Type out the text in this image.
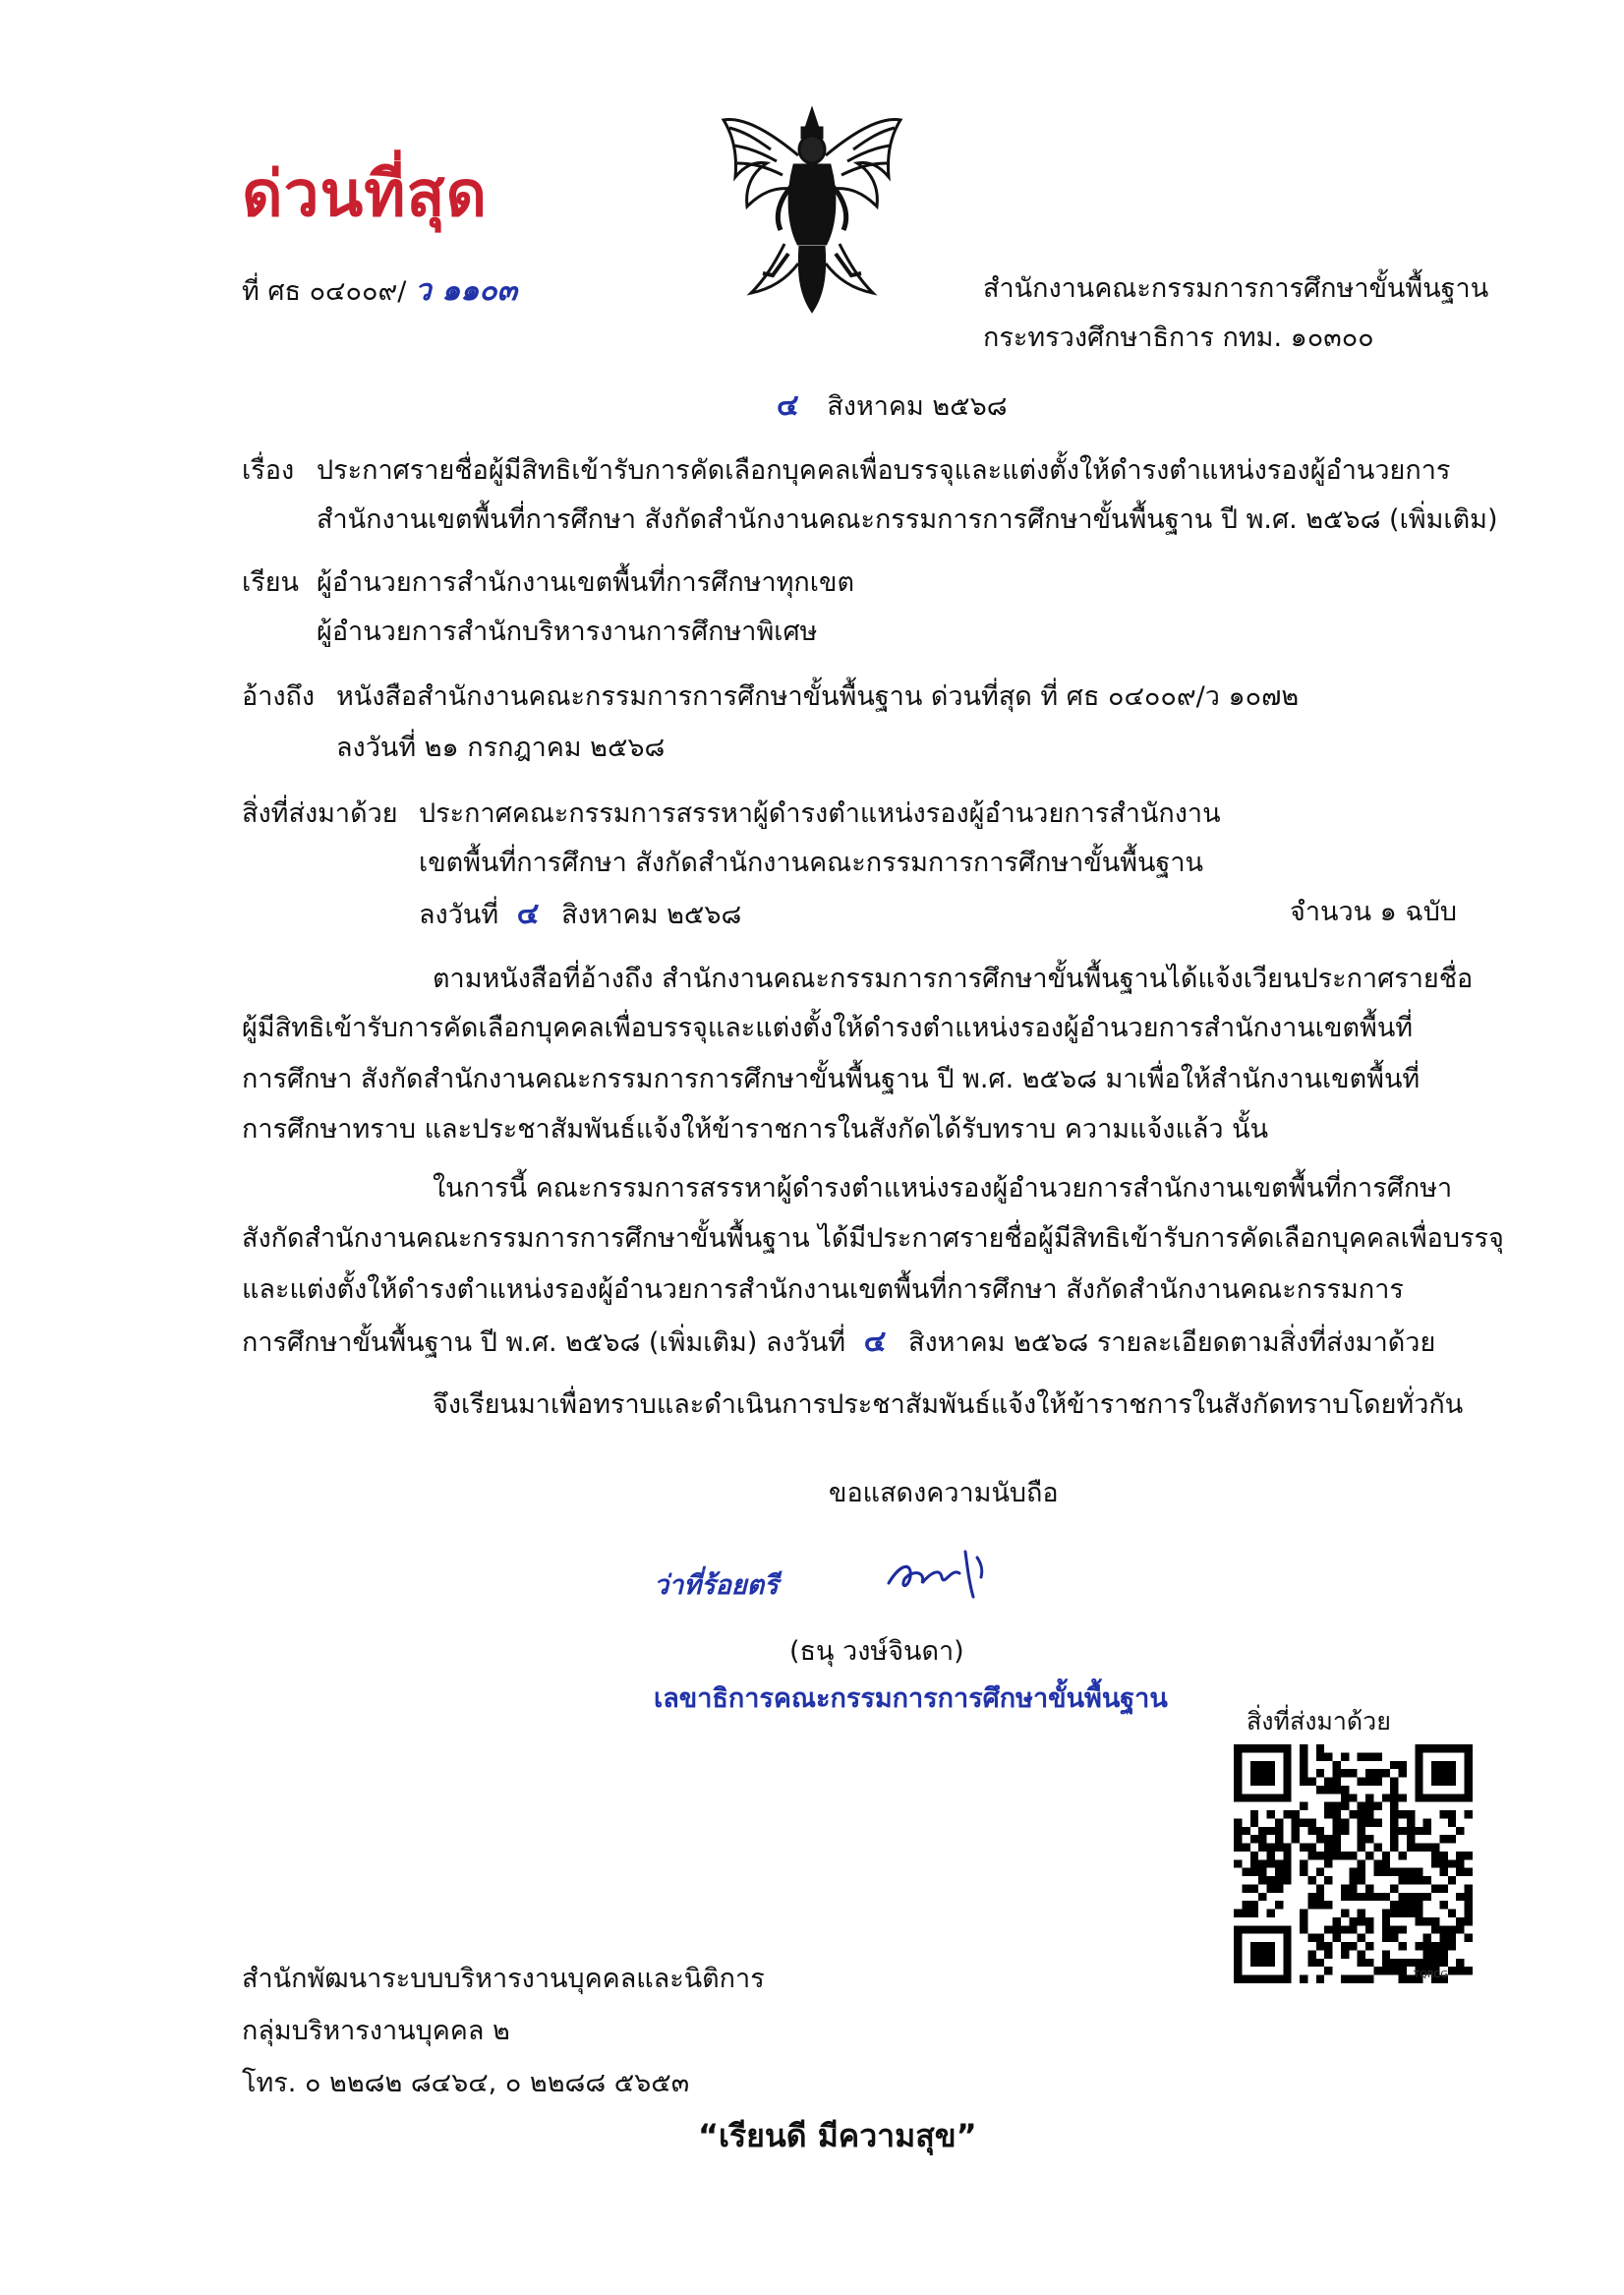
ด่วนที่สุด
ที่ ศธ ๐๔๐๐๙/ ว ๑๑๐๓	สำนักงานคณะกรรมการการศึกษาขั้นพื้นฐาน
กระทรวงศึกษาธิการ กทม. ๑๐๓๐๐
๔ สิงหาคม ๒๕๖๘
เรื่อง ประกาศรายชื่อผู้มีสิทธิเข้ารับการคัดเลือกบุคคลเพื่อบรรจุและแต่งตั้งให้ดำรงตำแหน่งรองผู้อำนวยการ
สำนักงานเขตพื้นที่การศึกษา สังกัดสำนักงานคณะกรรมการการศึกษาขั้นพื้นฐาน ปี พ.ศ. ๒๕๖๘ (เพิ่มเติม)
เรียน ผู้อำนวยการสำนักงานเขตพื้นที่การศึกษาทุกเขต
ผู้อำนวยการสำนักบริหารงานการศึกษาพิเศษ
อ้างถึง หนังสือสำนักงานคณะกรรมการการศึกษาขั้นพื้นฐาน ด่วนที่สุด ที่ ศธ ๐๔๐๐๙/ว ๑๐๗๒
ลงวันที่ ๒๑ กรกฎาคม ๒๕๖๘
สิ่งที่ส่งมาด้วย ประกาศคณะกรรมการสรรหาผู้ดำรงตำแหน่งรองผู้อำนวยการสำนักงาน
เขตพื้นที่การศึกษา สังกัดสำนักงานคณะกรรมการการศึกษาขั้นพื้นฐาน
ลงวันที่ ๔ สิงหาคม ๒๕๖๘	จำนวน ๑ ฉบับ
ตามหนังสือที่อ้างถึง สำนักงานคณะกรรมการการศึกษาขั้นพื้นฐานได้แจ้งเวียนประกาศรายชื่อ
ผู้มีสิทธิเข้ารับการคัดเลือกบุคคลเพื่อบรรจุและแต่งตั้งให้ดำรงตำแหน่งรองผู้อำนวยการสำนักงานเขตพื้นที่
การศึกษา สังกัดสำนักงานคณะกรรมการการศึกษาขั้นพื้นฐาน ปี พ.ศ. ๒๕๖๘ มาเพื่อให้สำนักงานเขตพื้นที่
การศึกษาทราบ และประชาสัมพันธ์แจ้งให้ข้าราชการในสังกัดได้รับทราบ ความแจ้งแล้ว นั้น
ในการนี้ คณะกรรมการสรรหาผู้ดำรงตำแหน่งรองผู้อำนวยการสำนักงานเขตพื้นที่การศึกษา
สังกัดสำนักงานคณะกรรมการการศึกษาขั้นพื้นฐาน ได้มีประกาศรายชื่อผู้มีสิทธิเข้ารับการคัดเลือกบุคคลเพื่อบรรจุ
และแต่งตั้งให้ดำรงตำแหน่งรองผู้อำนวยการสำนักงานเขตพื้นที่การศึกษา สังกัดสำนักงานคณะกรรมการ
การศึกษาขั้นพื้นฐาน ปี พ.ศ. ๒๕๖๘ (เพิ่มเติม) ลงวันที่ ๔ สิงหาคม ๒๕๖๘ รายละเอียดตามสิ่งที่ส่งมาด้วย
จึงเรียนมาเพื่อทราบและดำเนินการประชาสัมพันธ์แจ้งให้ข้าราชการในสังกัดทราบโดยทั่วกัน
ขอแสดงความนับถือ
ว่าที่ร้อยตรี
(ธนุ วงษ์จินดา)
เลขาธิการคณะกรรมการการศึกษาขั้นพื้นฐาน
สิ่งที่ส่งมาด้วย
TQRCG
สำนักพัฒนาระบบบริหารงานบุคคลและนิติการ
กลุ่มบริหารงานบุคคล ๒
โทร. ๐ ๒๒๘๒ ๘๔๖๔, ๐ ๒๒๘๘ ๕๖๕๓
“เรียนดี มีความสุข”
